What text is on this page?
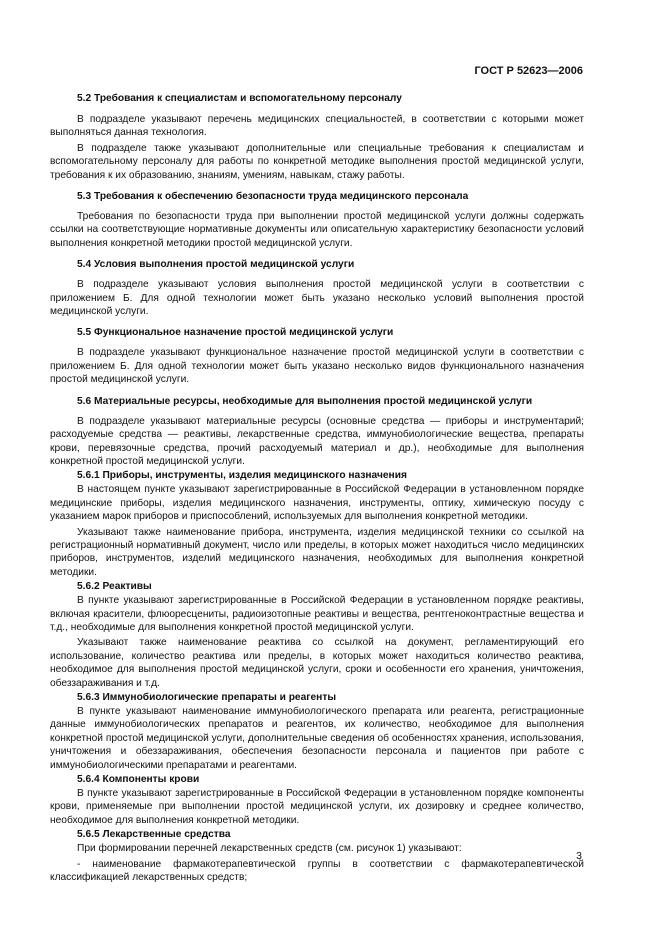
ГОСТ Р 52623—2006
5.2 Требования к специалистам и вспомогательному персоналу

В подразделе указывают перечень медицинских специальностей, в соответствии с которыми может выполняться данная технология.

В подразделе также указывают дополнительные или специальные требования к специалистам и вспомогательному персоналу для работы по конкретной методике выполнения простой медицинской услуги, требования к их образованию, знаниям, умениям, навыкам, стажу работы.

5.3 Требования к обеспечению безопасности труда медицинского персонала

Требования по безопасности труда при выполнении простой медицинской услуги должны содержать ссылки на соответствующие нормативные документы или описательную характеристику безопасности условий выполнения конкретной методики простой медицинской услуги.

5.4 Условия выполнения простой медицинской услуги

В подразделе указывают условия выполнения простой медицинской услуги в соответствии с приложением Б. Для одной технологии может быть указано несколько условий выполнения простой медицинской услуги.

5.5 Функциональное назначение простой медицинской услуги

В подразделе указывают функциональное назначение простой медицинской услуги в соответствии с приложением Б. Для одной технологии может быть указано несколько видов функционального назначения простой медицинской услуги.

5.6 Материальные ресурсы, необходимые для выполнения простой медицинской услуги

В подразделе указывают материальные ресурсы (основные средства — приборы и инструментарий; расходуемые средства — реактивы, лекарственные средства, иммунобиологические вещества, препараты крови, перевязочные средства, прочий расходуемый материал и др.), необходимые для выполнения конкретной простой медицинской услуги.

5.6.1 Приборы, инструменты, изделия медицинского назначения

В настоящем пункте указывают зарегистрированные в Российской Федерации в установленном порядке медицинские приборы, изделия медицинского назначения, инструменты, оптику, химическую посуду с указанием марок приборов и приспособлений, используемых для выполнения конкретной методики.

Указывают также наименование прибора, инструмента, изделия медицинской техники со ссылкой на регистрационный нормативный документ, число или пределы, в которых может находиться число медицинских приборов, инструментов, изделий медицинского назначения, необходимых для выполнения конкретной методики.

5.6.2 Реактивы

В пункте указывают зарегистрированные в Российской Федерации в установленном порядке реактивы, включая красители, флюоресцениты, радиоизотопные реактивы и вещества, рентгеноконтрастные вещества и т.д., необходимые для выполнения конкретной простой медицинской услуги.

Указывают также наименование реактива со ссылкой на документ, регламентирующий его использование, количество реактива или пределы, в которых может находиться количество реактива, необходимое для выполнения простой медицинской услуги, сроки и особенности его хранения, уничтожения, обеззараживания и т.д.

5.6.3 Иммунобиологические препараты и реагенты

В пункте указывают наименование иммунобиологического препарата или реагента, регистрационные данные иммунобиологических препаратов и реагентов, их количество, необходимое для выполнения конкретной простой медицинской услуги, дополнительные сведения об особенностях хранения, использования, уничтожения и обеззараживания, обеспечения безопасности персонала и пациентов при работе с иммунобиологическими препаратами и реагентами.

5.6.4 Компоненты крови

В пункте указывают зарегистрированные в Российской Федерации в установленном порядке компоненты крови, применяемые при выполнении простой медицинской услуги, их дозировку и среднее количество, необходимое для выполнения конкретной методики.

5.6.5 Лекарственные средства

При формировании перечней лекарственных средств (см. рисунок 1) указывают:

- наименование фармакотерапевтической группы в соответствии с фармакотерапевтической классификацией лекарственных средств;

3
